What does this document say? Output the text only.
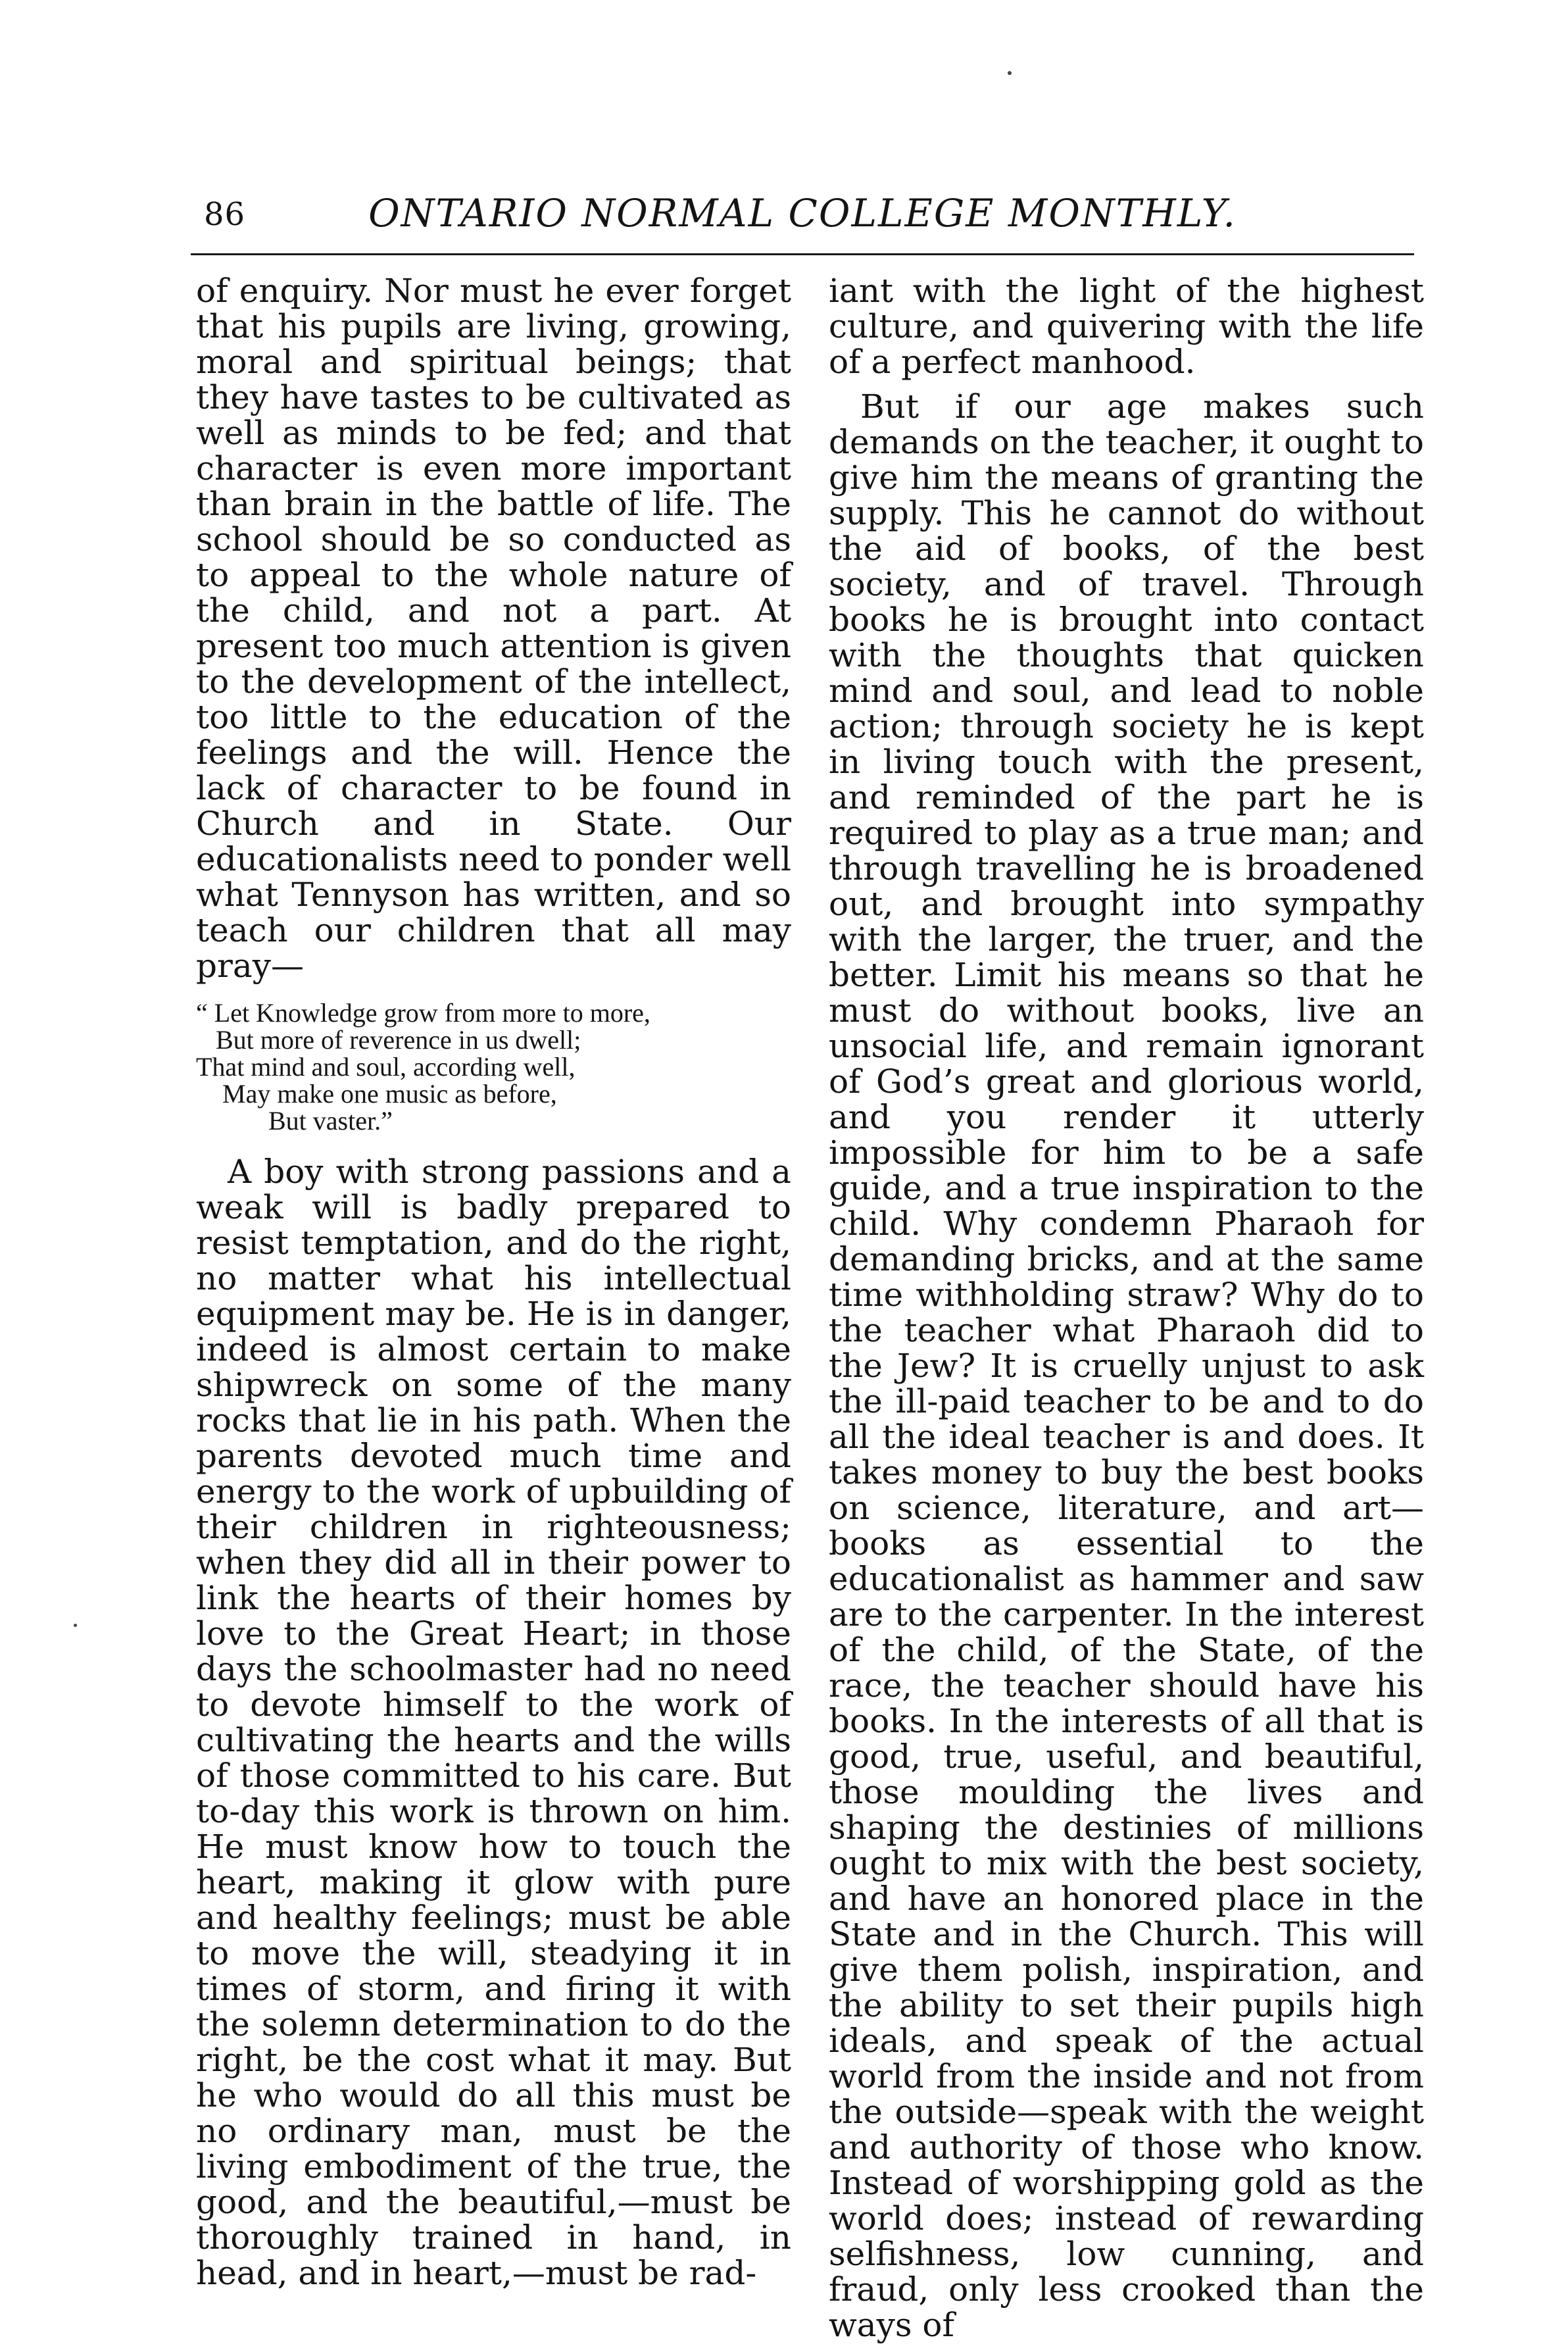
86	ONTARIO NORMAL COLLEGE MONTHLY.

of enquiry. Nor must he ever forget that his pupils are living, growing, moral and spiritual beings; that they have tastes to be cultivated as well as minds to be fed; and that character is even more important than brain in the battle of life. The school should be so conducted as to appeal to the whole nature of the child, and not a part. At present too much attention is given to the development of the intellect, too little to the education of the feelings and the will. Hence the lack of character to be found in Church and in State. Our educationalists need to ponder well what Tennyson has written, and so teach our children that all may pray—

“ Let Knowledge grow from more to more,
But more of reverence in us dwell;
That mind and soul, according well,
May make one music as before,
But vaster.”

A boy with strong passions and a weak will is badly prepared to resist temptation, and do the right, no matter what his intellectual equipment may be. He is in danger, indeed is almost certain to make shipwreck on some of the many rocks that lie in his path. When the parents devoted much time and energy to the work of upbuilding of their children in righteousness; when they did all in their power to link the hearts of their homes by love to the Great Heart; in those days the schoolmaster had no need to devote himself to the work of cultivating the hearts and the wills of those committed to his care. But to-day this work is thrown on him. He must know how to touch the heart, making it glow with pure and healthy feelings; must be able to move the will, steadying it in times of storm, and firing it with the solemn determination to do the right, be the cost what it may. But he who would do all this must be no ordinary man, must be the living embodiment of the true, the good, and the beautiful,—must be thoroughly trained in hand, in head, and in heart,—must be rad-

iant with the light of the highest culture, and quivering with the life of a perfect manhood.

But if our age makes such demands on the teacher, it ought to give him the means of granting the supply. This he cannot do without the aid of books, of the best society, and of travel. Through books he is brought into contact with the thoughts that quicken mind and soul, and lead to noble action; through society he is kept in living touch with the present, and reminded of the part he is required to play as a true man; and through travelling he is broadened out, and brought into sympathy with the larger, the truer, and the better. Limit his means so that he must do without books, live an unsocial life, and remain ignorant of God’s great and glorious world, and you render it utterly impossible for him to be a safe guide, and a true inspiration to the child. Why condemn Pharaoh for demanding bricks, and at the same time withholding straw? Why do to the teacher what Pharaoh did to the Jew? It is cruelly unjust to ask the ill-paid teacher to be and to do all the ideal teacher is and does. It takes money to buy the best books on science, literature, and art—books as essential to the educationalist as hammer and saw are to the carpenter. In the interest of the child, of the State, of the race, the teacher should have his books. In the interests of all that is good, true, useful, and beautiful, those moulding the lives and shaping the destinies of millions ought to mix with the best society, and have an honored place in the State and in the Church. This will give them polish, inspiration, and the ability to set their pupils high ideals, and speak of the actual world from the inside and not from the outside—speak with the weight and authority of those who know. Instead of worshipping gold as the world does; instead of rewarding selfishness, low cunning, and fraud, only less crooked than the ways of
